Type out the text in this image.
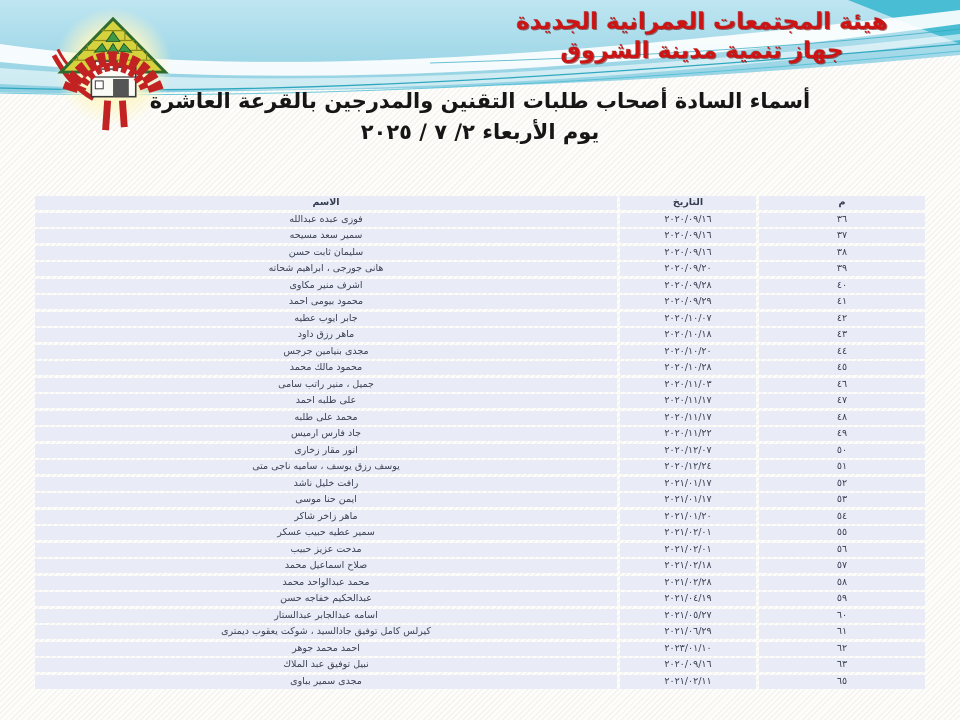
هيئة المجتمعات العمرانية الجديدة
جهاز تنمية مدينة الشروق
أسماء السادة أصحاب طلبات التقنين والمدرجين بالقرعة العاشرة
يوم الأربعاء ٢/ ٧ / ٢٠٢٥
م
التاريخ
الاسم
٣٦
٢٠٢٠/٠٩/١٦
فوزى عبده عبدالله
٣٧
٢٠٢٠/٠٩/١٦
سمير سعد مسيحه
٣٨
٢٠٢٠/٠٩/١٦
سليمان ثابت حسن
٣٩
٢٠٢٠/٠٩/٢٠
هانى جورجى ، ابراهيم شحاته
٤٠
٢٠٢٠/٠٩/٢٨
اشرف منير مكاوى
٤١
٢٠٢٠/٠٩/٢٩
محمود بيومى احمد
٤٢
٢٠٢٠/١٠/٠٧
جابر ايوب عطيه
٤٣
٢٠٢٠/١٠/١٨
ماهر رزق داود
٤٤
٢٠٢٠/١٠/٢٠
مجدى بنيامين جرجس
٤٥
٢٠٢٠/١٠/٢٨
محمود مالك محمد
٤٦
٢٠٢٠/١١/٠٣
جميل ، منير راتب سامى
٤٧
٢٠٢٠/١١/١٧
على طلبه احمد
٤٨
٢٠٢٠/١١/١٧
محمد على طلبه
٤٩
٢٠٢٠/١١/٢٢
جاد فارس ارميس
٥٠
٢٠٢٠/١٢/٠٧
انور مقار زخارى
٥١
٢٠٢٠/١٢/٢٤
يوسف رزق يوسف ، ساميه ناجى متى
٥٢
٢٠٢١/٠١/١٧
رافت خليل ناشد
٥٣
٢٠٢١/٠١/١٧
ايمن حنا موسى
٥٤
٢٠٢١/٠١/٢٠
ماهر زاخر شاكر
٥٥
٢٠٢١/٠٢/٠١
سمير عطيه حبيب عسكر
٥٦
٢٠٢١/٠٢/٠١
مدحت عزيز حبيب
٥٧
٢٠٢١/٠٢/١٨
صلاح اسماعيل محمد
٥٨
٢٠٢١/٠٢/٢٨
محمد عبدالواحد محمد
٥٩
٢٠٢١/٠٤/١٩
عبدالحكيم خفاجه حسن
٦٠
٢٠٢١/٠٥/٢٧
اسامه عبدالجابر عبدالستار
٦١
٢٠٢١/٠٦/٢٩
كيرلس كامل توفيق جادالسيد ، شوكت يعقوب ديمترى
٦٢
٢٠٢٣/٠١/١٠
احمد محمد جوهر
٦٣
٢٠٢٠/٠٩/١٦
نبيل توفيق عبد الملاك
٦٥
٢٠٢١/٠٢/١١
مجدى سمير بباوى
